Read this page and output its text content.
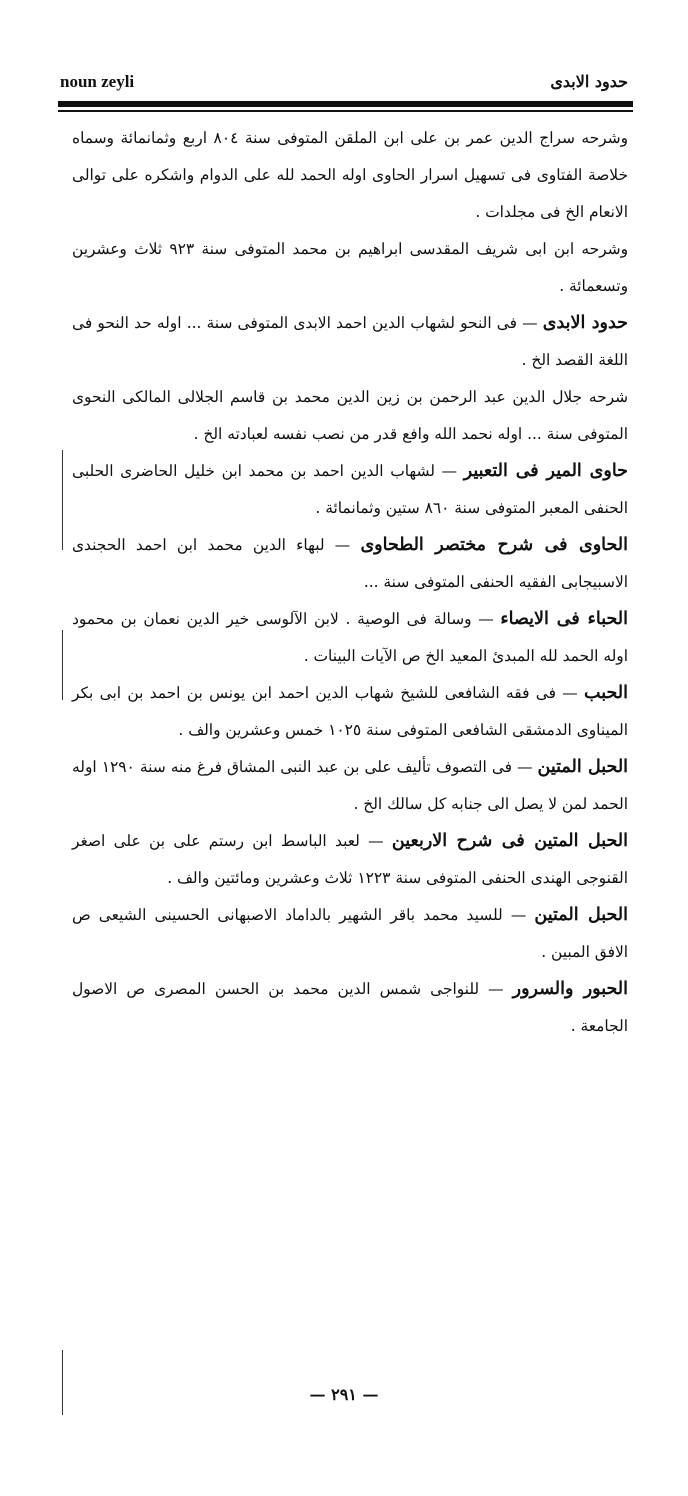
noun zeyli	حدود الابدی

وشرحه سراج الدين عمر بن على ابن الملقن المتوفى سنة ٨٠٤ اربع وثمانمائة وسماه خلاصة الفتاوى فى تسهيل اسرار الحاوى اوله الحمد لله على الدوام واشكره على توالى الانعام الخ فى مجلدات .

وشرحه ابن ابى شريف المقدسى ابراهيم بن محمد المتوفى سنة ٩٢٣ ثلاث وعشرين وتسعمائة .

حدود الابدى — فى النحو لشهاب الدين احمد الابدى المتوفى سنة ... اوله حد النحو فى اللغة القصد الخ .

شرحه جلال الدين عبد الرحمن بن زين الدين محمد بن قاسم الجلالى المالكى النحوى المتوفى سنة ... اوله نحمد الله وافع قدر من نصب نفسه لعبادته الخ .

حاوى المير فى التعبير — لشهاب الدين احمد بن محمد ابن خليل الحاضرى الحلبى الحنفى المعبر المتوفى سنة ٨٦٠ ستين وثمانمائة .

الحاوى فى شرح مختصر الطحاوى — لبهاء الدين محمد ابن احمد الحجندى الاسبيجابى الفقيه الحنفى المتوفى سنة ...

الحباء فى الايصاء — وسالة فى الوصية . لابن الآلوسى خير الدين نعمان بن محمود اوله الحمد لله المبدئ المعيد الخ ص الآيات البينات .

الحبب — فى فقه الشافعى للشيخ شهاب الدين احمد ابن يونس بن احمد بن ابى بكر الميناوى الدمشقى الشافعى المتوفى سنة ١٠٢٥ خمس وعشرين والف .

الحبل المتين — فى التصوف تأليف على بن عبد النبى المشاق فرغ منه سنة ١٢٩٠ اوله الحمد لمن لا يصل الى جنابه كل سالك الخ .

الحبل المتين فى شرح الاربعين — لعبد الباسط ابن رستم على بن على اصغر القنوجى الهندى الحنفى المتوفى سنة ١٢٢٣ ثلاث وعشرين ومائتين والف .

الحبل المتين — للسيد محمد باقر الشهير بالداماد الاصبهانى الحسينى الشيعى ص الافق المبين .

الحبور والسرور — للنواجى شمس الدين محمد بن الحسن المصرى ص الاصول الجامعة .

— ٢٩١ —
